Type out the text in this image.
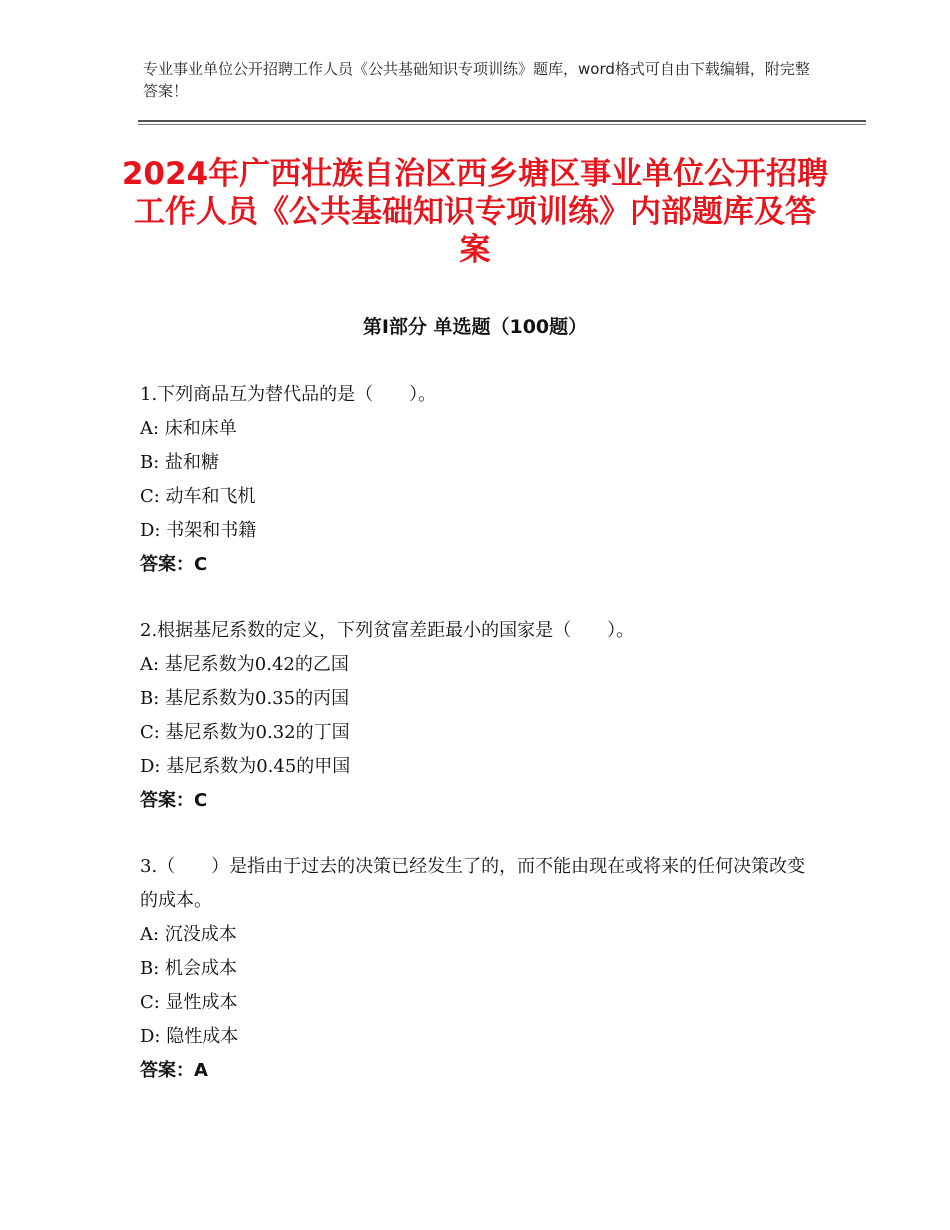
专业事业单位公开招聘工作人员《公共基础知识专项训练》题库，word格式可自由下载编辑，附完整答案！
2024年广西壮族自治区西乡塘区事业单位公开招聘工作人员《公共基础知识专项训练》内部题库及答案
第Ⅰ部分 单选题（100题）
1.下列商品互为替代品的是（　　）。
A: 床和床单
B: 盐和糖
C: 动车和飞机
D: 书架和书籍
答案：C
2.根据基尼系数的定义，下列贫富差距最小的国家是（　　）。
A: 基尼系数为0.42的乙国
B: 基尼系数为0.35的丙国
C: 基尼系数为0.32的丁国
D: 基尼系数为0.45的甲国
答案：C
3.（　　）是指由于过去的决策已经发生了的，而不能由现在或将来的任何决策改变的成本。
A: 沉没成本
B: 机会成本
C: 显性成本
D: 隐性成本
答案：A
